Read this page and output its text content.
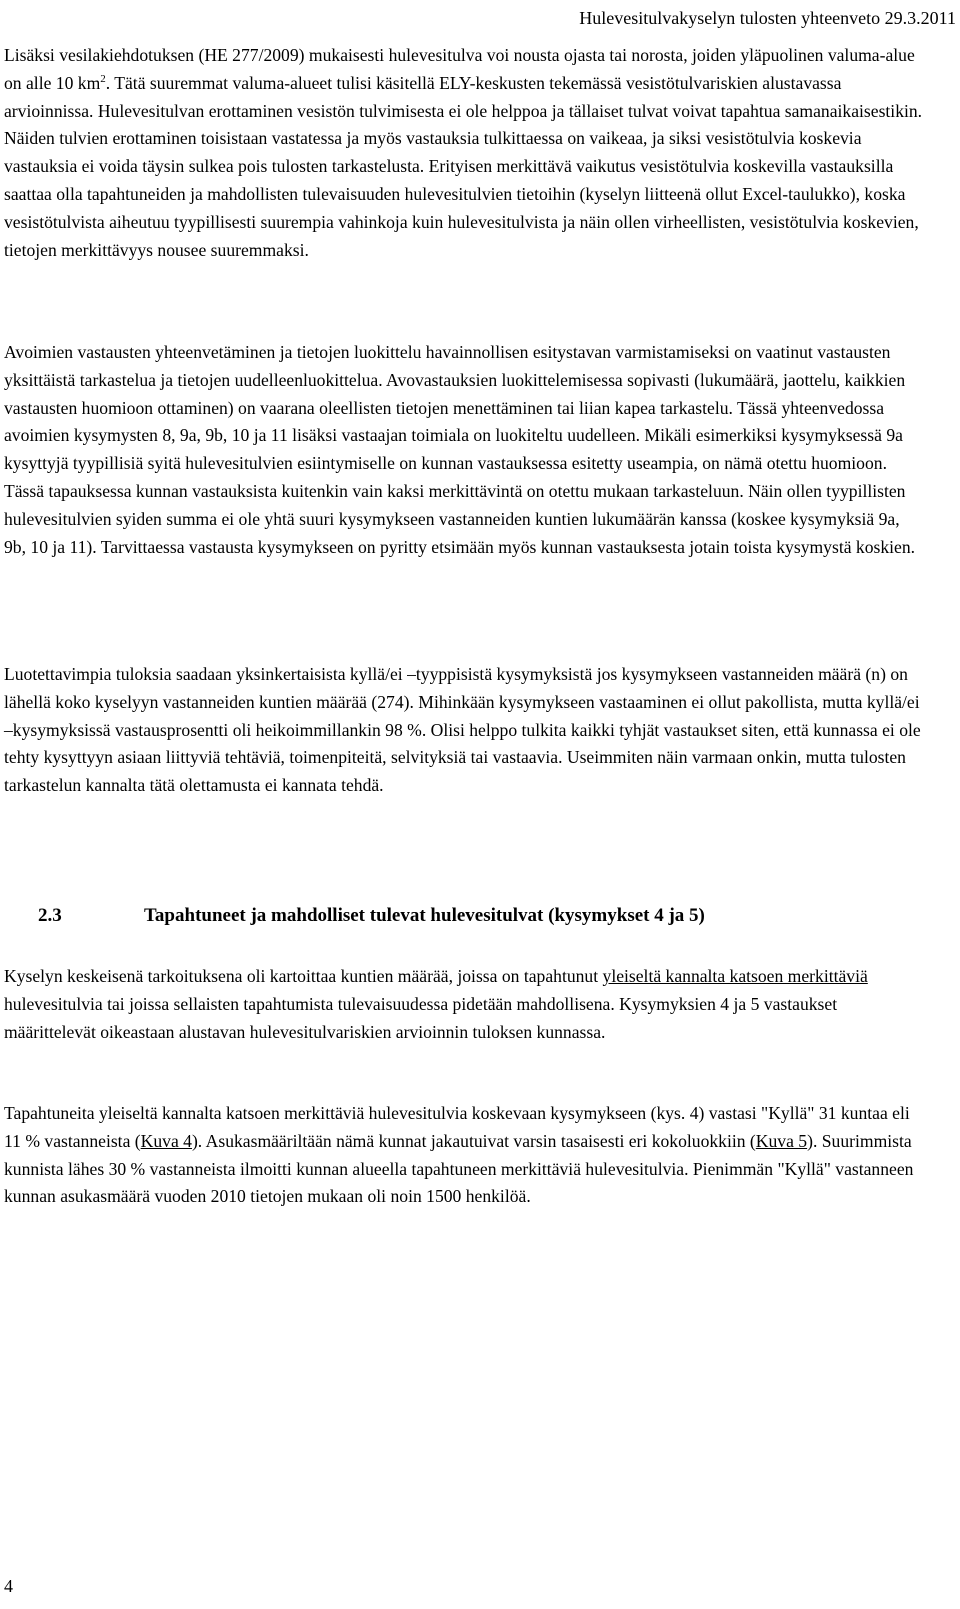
Hulevesitulvakyselyn tulosten yhteenveto 29.3.2011

Lisäksi vesilakiehdotuksen (HE 277/2009) mukaisesti hulevesitulva voi nousta ojasta tai norosta, joiden yläpuolinen valuma-alue on alle 10 $km^2$. Tätä suuremmat valuma-alueet tulisi käsitellä ELY-keskusten tekemässä vesistötulvariskien alustavassa arvioinnissa. Hulevesitulvan erottaminen vesistön tulvimisesta ei ole helppoa ja tällaiset tulvat voivat tapahtua samanaikaisestikin. Näiden tulvien erottaminen toisistaan vastatessa ja myös vastauksia tulkittaessa on vaikeaa, ja siksi vesistötulvia koskevia vastauksia ei voida täysin sulkea pois tulosten tarkastelusta. Erityisen merkittävä vaikutus vesistötulvia koskevilla vastauksilla saattaa olla tapahtuneiden ja mahdollisten tulevaisuuden hulevesitulvien tietoihin (kyselyn liitteenä ollut Excel-taulukko), koska vesistötulvista aiheutuu tyypillisesti suurempia vahinkoja kuin hulevesitulvista ja näin ollen virheellisten, vesistötulvia koskevien, tietojen merkittävyys nousee suuremmaksi.

Avoimien vastausten yhteenvetäminen ja tietojen luokittelu havainnollisen esitystavan varmistamiseksi on vaatinut vastausten yksittäistä tarkastelua ja tietojen uudelleenluokittelua. Avovastauksien luokittelemisessa sopivasti (lukumäärä, jaottelu, kaikkien vastausten huomioon ottaminen) on vaarana oleellisten tietojen menettäminen tai liian kapea tarkastelu. Tässä yhteenvedossa avoimien kysymysten 8, 9a, 9b, 10 ja 11 lisäksi vastaajan toimiala on luokiteltu uudelleen. Mikäli esimerkiksi kysymyksessä 9a kysyttyjä tyypillisiä syitä hulevesitulvien esiintymiselle on kunnan vastauksessa esitetty useampia, on nämä otettu huomioon. Tässä tapauksessa kunnan vastauksista kuitenkin vain kaksi merkittävintä on otettu mukaan tarkasteluun. Näin ollen tyypillisten hulevesitulvien syiden summa ei ole yhtä suuri kysymykseen vastanneiden kuntien lukumäärän kanssa (koskee kysymyksiä 9a, 9b, 10 ja 11). Tarvittaessa vastausta kysymykseen on pyritty etsimään myös kunnan vastauksesta jotain toista kysymystä koskien.

Luotettavimpia tuloksia saadaan yksinkertaisista kyllä/ei –tyyppisistä kysymyksistä jos kysymykseen vastanneiden määrä (n) on lähellä koko kyselyyn vastanneiden kuntien määrää (274). Mihinkään kysymykseen vastaaminen ei ollut pakollista, mutta kyllä/ei –kysymyksissä vastausprosentti oli heikoimmillankin 98 %. Olisi helppo tulkita kaikki tyhjät vastaukset siten, että kunnassa ei ole tehty kysyttyyn asiaan liittyviä tehtäviä, toimenpiteitä, selvityksiä tai vastaavia. Useimmiten näin varmaan onkin, mutta tulosten tarkastelun kannalta tätä olettamusta ei kannata tehdä.

2.3	Tapahtuneet ja mahdolliset tulevat hulevesitulvat (kysymykset 4 ja 5)

Kyselyn keskeisenä tarkoituksena oli kartoittaa kuntien määrää, joissa on tapahtunut yleiseltä kannalta katsoen merkittäviä hulevesitulvia tai joissa sellaisten tapahtumista tulevaisuudessa pidetään mahdollisena. Kysymyksien 4 ja 5 vastaukset määrittelevät oikeastaan alustavan hulevesitulvariskien arvioinnin tuloksen kunnassa.

Tapahtuneita yleiseltä kannalta katsoen merkittäviä hulevesitulvia koskevaan kysymykseen (kys. 4) vastasi "Kyllä" 31 kuntaa eli 11 % vastanneista (Kuva 4). Asukasmääriltään nämä kunnat jakautuivat varsin tasaisesti eri kokoluokkiin (Kuva 5). Suurimmista kunnista lähes 30 % vastanneista ilmoitti kunnan alueella tapahtuneen merkittäviä hulevesitulvia. Pienimmän "Kyllä" vastanneen kunnan asukasmäärä vuoden 2010 tietojen mukaan oli noin 1500 henkilöä.

4
